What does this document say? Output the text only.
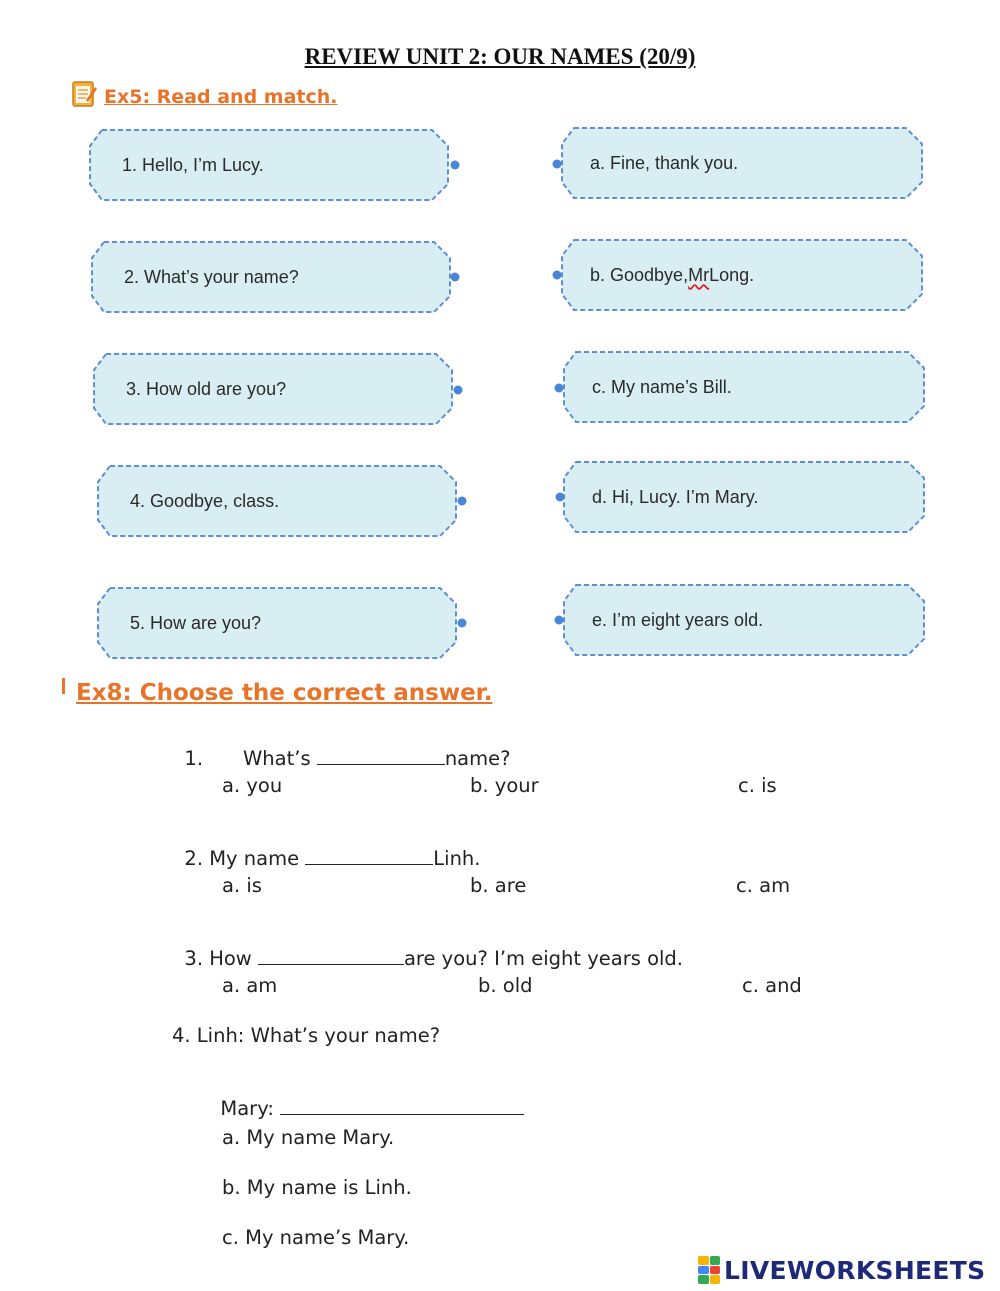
REVIEW UNIT 2: OUR NAMES (20/9)
Ex5: Read and match.
1. Hello, I’m Lucy.
2. What’s your name?
3. How old are you?
4. Goodbye, class.
5. How are you?
a. Fine, thank you.
b. Goodbye, Mr Long.
c. My name’s Bill.
d. Hi, Lucy. I’m Mary.
e. I’m eight years old.
Ex8: Choose the correct answer.

1. What’s	name?

a. you	b. your	c. is

2. My name	Linh.

a. is	b. are	c. am

3. How	are you? I’m eight years old.

a. am	b. old	c. and
4. Linh: What’s your name?

Mary:

a. My name Mary.
b. My name is Linh.
c. My name’s Mary.
LIVEWORKSHEETS
